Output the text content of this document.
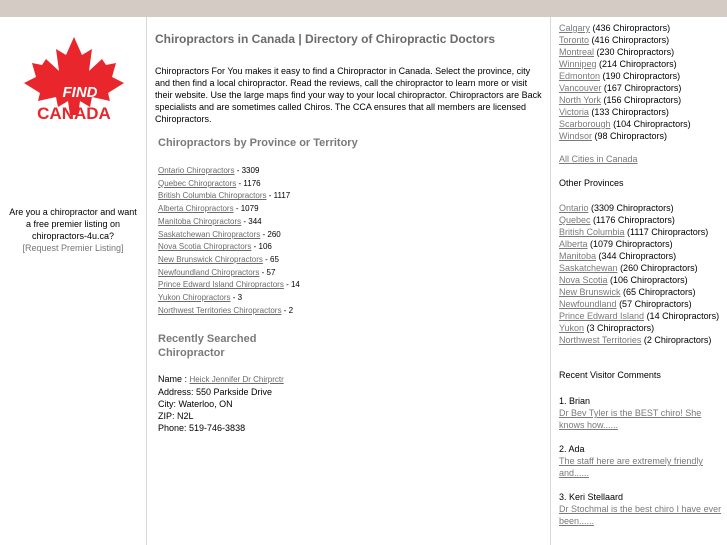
FIND
CANADA
Are you a chiropractor and want a free premier listing on chiropractors-4u.ca?
[Request Premier Listing]
Chiropractors in Canada | Directory of Chiropractic Doctors

Chiropractors For You makes it easy to find a Chiropractor in Canada. Select the province, city and then find a local chiropractor. Read the reviews, call the chiropractor to learn more or visit their website. Use the large maps find your way to your local chiropractor. Chiropractors are Back specialists and are sometimes called Chiros. The CCA ensures that all members are licensed Chiropractors.

Chiropractors by Province or Territory
Ontario Chiropractors - 3309
Quebec Chiropractors - 1176
British Columbia Chiropractors - 1117
Alberta Chiropractors - 1079
Manitoba Chiropractors - 344
Saskatchewan Chiropractors - 260
Nova Scotia Chiropractors - 106
New Brunswick Chiropractors - 65
Newfoundland Chiropractors - 57
Prince Edward Island Chiropractors - 14
Yukon Chiropractors - 3
Northwest Territories Chiropractors - 2
Recently Searched Chiropractor
Name : Heick Jennifer Dr Chirprctr
Address: 550 Parkside Drive
City: Waterloo, ON
ZIP: N2L
Phone: 519-746-3838
Calgary (436 Chiropractors)
Toronto (416 Chiropractors)
Montreal (230 Chiropractors)
Winnipeg (214 Chiropractors)
Edmonton (190 Chiropractors)
Vancouver (167 Chiropractors)
North York (156 Chiropractors)
Victoria (133 Chiropractors)
Scarborough (104 Chiropractors)
Windsor (98 Chiropractors)
All Cities in Canada

Other Provinces

Ontario (3309 Chiropractors)
Quebec (1176 Chiropractors)
British Columbia (1117 Chiropractors)
Alberta (1079 Chiropractors)
Manitoba (344 Chiropractors)
Saskatchewan (260 Chiropractors)
Nova Scotia (106 Chiropractors)
New Brunswick (65 Chiropractors)
Newfoundland (57 Chiropractors)
Prince Edward Island (14 Chiropractors)
Yukon (3 Chiropractors)
Northwest Territories (2 Chiropractors)

Recent Visitor Comments

1. Brian
Dr Bev Tyler is the BEST chiro! She knows how......
2. Ada
The staff here are extremely friendly and......
3. Keri Stellaard
Dr Stochmal is the best chiro I have ever been......
